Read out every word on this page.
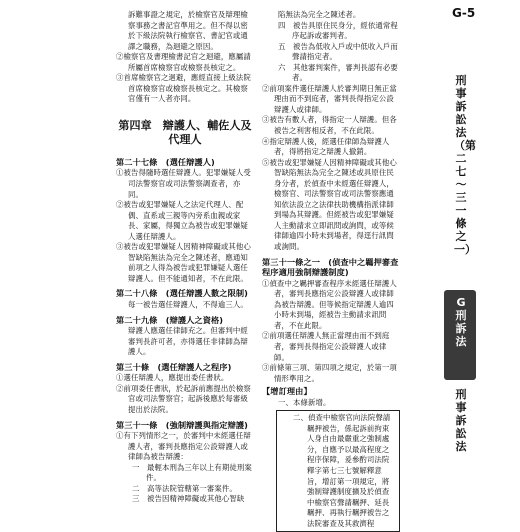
訴難事證之規定，於檢察官及辯理檢察事務之書記官準用之。但不得以密於下級法院執行檢察官、書記官或通譯之職務，為迴避之原因。
②檢察官及書理檢書記官之迴避，應屬請所屬首席檢察官或檢察長核定之。
③首席檢察官之迴避，應經直接上級法院首席檢察官或檢察長核定之。其檢察官僅有一人者亦同。
第四章　辯護人、輔佐人及代理人
第二十七條　(選任辯護人)
①被告得隨時選任辯護人。犯罪嫌疑人受司法警察官或司法警察調查者，亦同。
②被告或犯罪嫌疑人之法定代理人、配偶、直系或三親等內旁系血親或家長、家屬，得獨立為被告或犯罪嫌疑人選任辯護人。
③被告或犯罪嫌疑人因精神障礙或其他心智缺陷無法為完全之陳述者，應通知前項之人得為被告或犯罪嫌疑人選任辯護人。但不能通知者，不在此限。
第二十八條　(選任辯護人數之限制)
每一被告選任辯護人，不得逾三人。
第二十九條　(辯護人之資格)
辯護人應選任律師充之。但審判中經審判長許可者，亦得選任非律師為辯護人。
第三十條　(選任辯護人之程序)
①選任辯護人，應提出委任書狀。
②前項委任書狀，於起訴前應提出於檢察官或司法警察官；起訴後應於每審級提出於法院。
第三十一條　(強制辯護與指定辯護)
①有下列情形之一，於審判中未經選任辯護人者，審判長應指定公設辯護人或律師為被告辯護：
一　最輕本刑為三年以上有期徒刑案件。
二　高等法院管轄第一審案件。
三　被告因精神障礙或其他心智缺
陷無法為完全之陳述者。
四　被告具原住民身分，經依通常程序起訴或審判者。
五　被告為低收入戶或中低收入戶而聲請指定者。
六　其他審判案件，審判長認有必要者。
②前項案件選任辯護人於審判期日無正當理由而不到庭者，審判長得指定公設辯護人或律師。
③被告有數人者，得指定一人辯護。但各被告之利害相反者，不在此限。
④指定辯護人後，經選任律師為辯護人者，得將指定之辯護人撤銷。
⑤被告或犯罪嫌疑人因精神障礙或其他心智缺陷無法為完全之陳述或具原住民身分者，於偵查中未經選任辯護人，檢察官、司法警察官或司法警察應通知依法設立之法律扶助機構指派律師到場為其辯護。但經被告或犯罪嫌疑人主動請求立即訊問或詢問，或等候律師逾四小時未到場者，得逕行訊問或詢問。
第三十一條之一　(偵查中之羈押審查程序適用強制辯護制度)
①偵查中之羈押審查程序未經選任辯護人者，審判長應指定公設辯護人或律師為被告辯護。但等候指定辯護人逾四小時未到場，經被告主動請求訊問者，不在此限。
②前項選任辯護人無正當理由而不到庭者，審判長得指定公設辯護人或律師。
③前條第三項、第四項之規定，於第一項情形準用之。
【增訂理由】
一、本條新增。
二、偵查中檢察官向法院聲請羈押被告，係起訴前拘束人身自由最嚴重之強制處分，自應予以最高程度之程序保障，爰參酌司法院釋字第七三七號解釋意旨，增訂第一項規定，將強制辯護制度擴及於偵查中檢察官聲請羈押、延長羈押、再執行羈押被告之法院審查及其救濟程
G-5
刑事訴訟法（第二七～三一條之一）
G刑訴法
刑事訴訟法
